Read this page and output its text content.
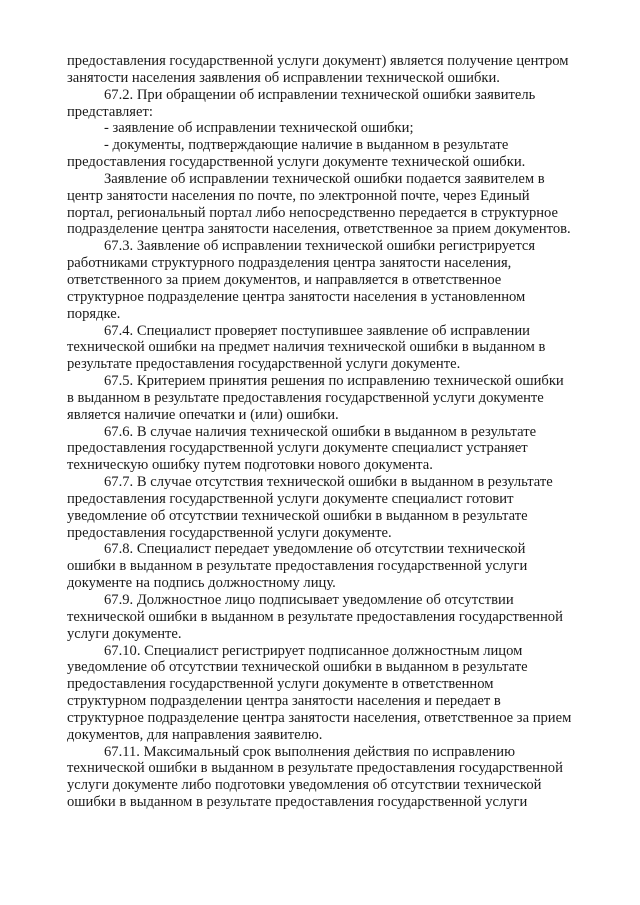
предоставления государственной услуги документ) является получение центром
занятости населения заявления об исправлении технической ошибки.

67.2. При обращении об исправлении технической ошибки заявитель
представляет:

- заявление об исправлении технической ошибки;

- документы, подтверждающие наличие в выданном в результате
предоставления государственной услуги документе технической ошибки.

Заявление об исправлении технической ошибки подается заявителем в
центр занятости населения по почте, по электронной почте, через Единый
портал, региональный портал либо непосредственно передается в структурное
подразделение центра занятости населения, ответственное за прием документов.

67.3. Заявление об исправлении технической ошибки регистрируется
работниками структурного подразделения центра занятости населения,
ответственного за прием документов, и направляется в ответственное
структурное подразделение центра занятости населения в установленном
порядке.

67.4. Специалист проверяет поступившее заявление об исправлении
технической ошибки на предмет наличия технической ошибки в выданном в
результате предоставления государственной услуги документе.

67.5. Критерием принятия решения по исправлению технической ошибки
в выданном в результате предоставления государственной услуги документе
является наличие опечатки и (или) ошибки.

67.6. В случае наличия технической ошибки в выданном в результате
предоставления государственной услуги документе специалист устраняет
техническую ошибку путем подготовки нового документа.

67.7. В случае отсутствия технической ошибки в выданном в результате
предоставления государственной услуги документе специалист готовит
уведомление об отсутствии технической ошибки в выданном в результате
предоставления государственной услуги документе.

67.8. Специалист передает уведомление об отсутствии технической
ошибки в выданном в результате предоставления государственной услуги
документе на подпись должностному лицу.

67.9. Должностное лицо подписывает уведомление об отсутствии
технической ошибки в выданном в результате предоставления государственной
услуги документе.

67.10. Специалист регистрирует подписанное должностным лицом
уведомление об отсутствии технической ошибки в выданном в результате
предоставления государственной услуги документе в ответственном
структурном подразделении центра занятости населения и передает в
структурное подразделение центра занятости населения, ответственное за прием
документов, для направления заявителю.

67.11. Максимальный срок выполнения действия по исправлению
технической ошибки в выданном в результате предоставления государственной
услуги документе либо подготовки уведомления об отсутствии технической
ошибки в выданном в результате предоставления государственной услуги
